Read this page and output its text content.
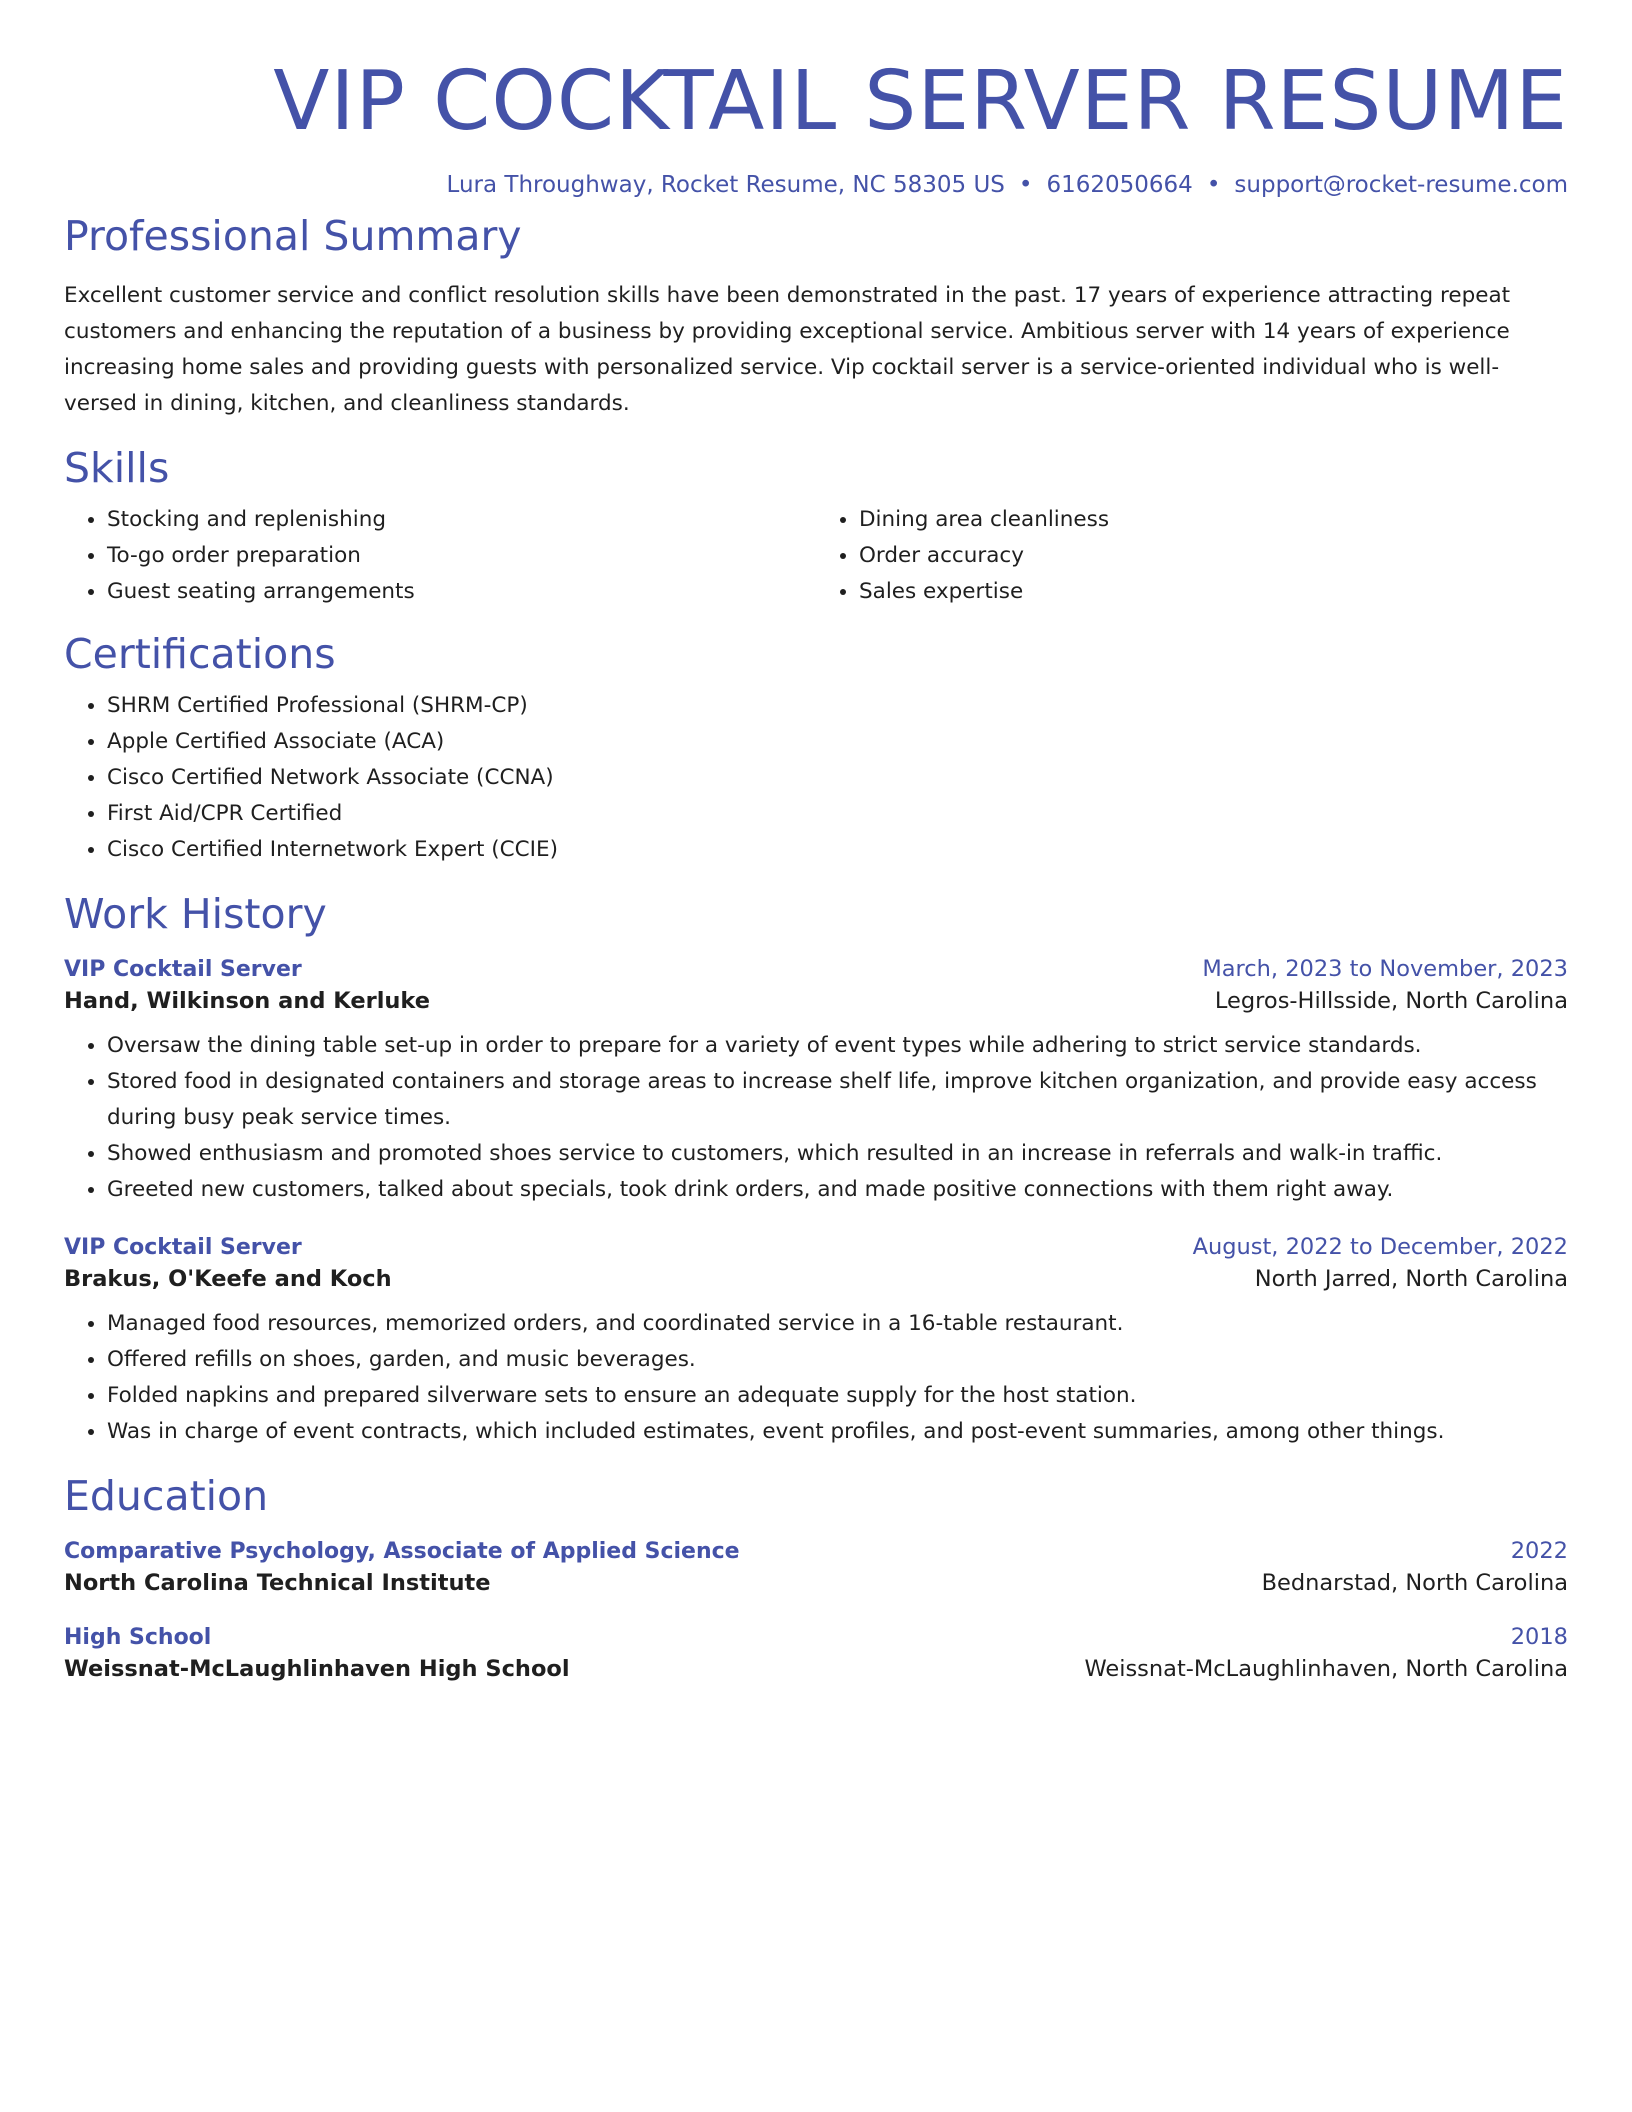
VIP COCKTAIL SERVER RESUME
Lura Throughway, Rocket Resume, NC 58305 US • 6162050664 • support@rocket-resume.com
Professional Summary
Excellent customer service and conflict resolution skills have been demonstrated in the past. 17 years of experience attracting repeat customers and enhancing the reputation of a business by providing exceptional service. Ambitious server with 14 years of experience increasing home sales and providing guests with personalized service. Vip cocktail server is a service-oriented individual who is well-versed in dining, kitchen, and cleanliness standards.
Skills
• Stocking and replenishing
• To-go order preparation
• Guest seating arrangements
• Dining area cleanliness
• Order accuracy
• Sales expertise
Certifications
• SHRM Certified Professional (SHRM-CP)
• Apple Certified Associate (ACA)
• Cisco Certified Network Associate (CCNA)
• First Aid/CPR Certified
• Cisco Certified Internetwork Expert (CCIE)
Work History
VIP Cocktail Server	March, 2023 to November, 2023
Hand, Wilkinson and Kerluke	Legros-Hillsside, North Carolina
• Oversaw the dining table set-up in order to prepare for a variety of event types while adhering to strict service standards.
• Stored food in designated containers and storage areas to increase shelf life, improve kitchen organization, and provide easy access during busy peak service times.
• Showed enthusiasm and promoted shoes service to customers, which resulted in an increase in referrals and walk-in traffic.
• Greeted new customers, talked about specials, took drink orders, and made positive connections with them right away.
VIP Cocktail Server	August, 2022 to December, 2022
Brakus, O'Keefe and Koch	North Jarred, North Carolina
• Managed food resources, memorized orders, and coordinated service in a 16-table restaurant.
• Offered refills on shoes, garden, and music beverages.
• Folded napkins and prepared silverware sets to ensure an adequate supply for the host station.
• Was in charge of event contracts, which included estimates, event profiles, and post-event summaries, among other things.
Education
Comparative Psychology, Associate of Applied Science	2022
North Carolina Technical Institute	Bednarstad, North Carolina
High School	2018
Weissnat-McLaughlinhaven High School	Weissnat-McLaughlinhaven, North Carolina
